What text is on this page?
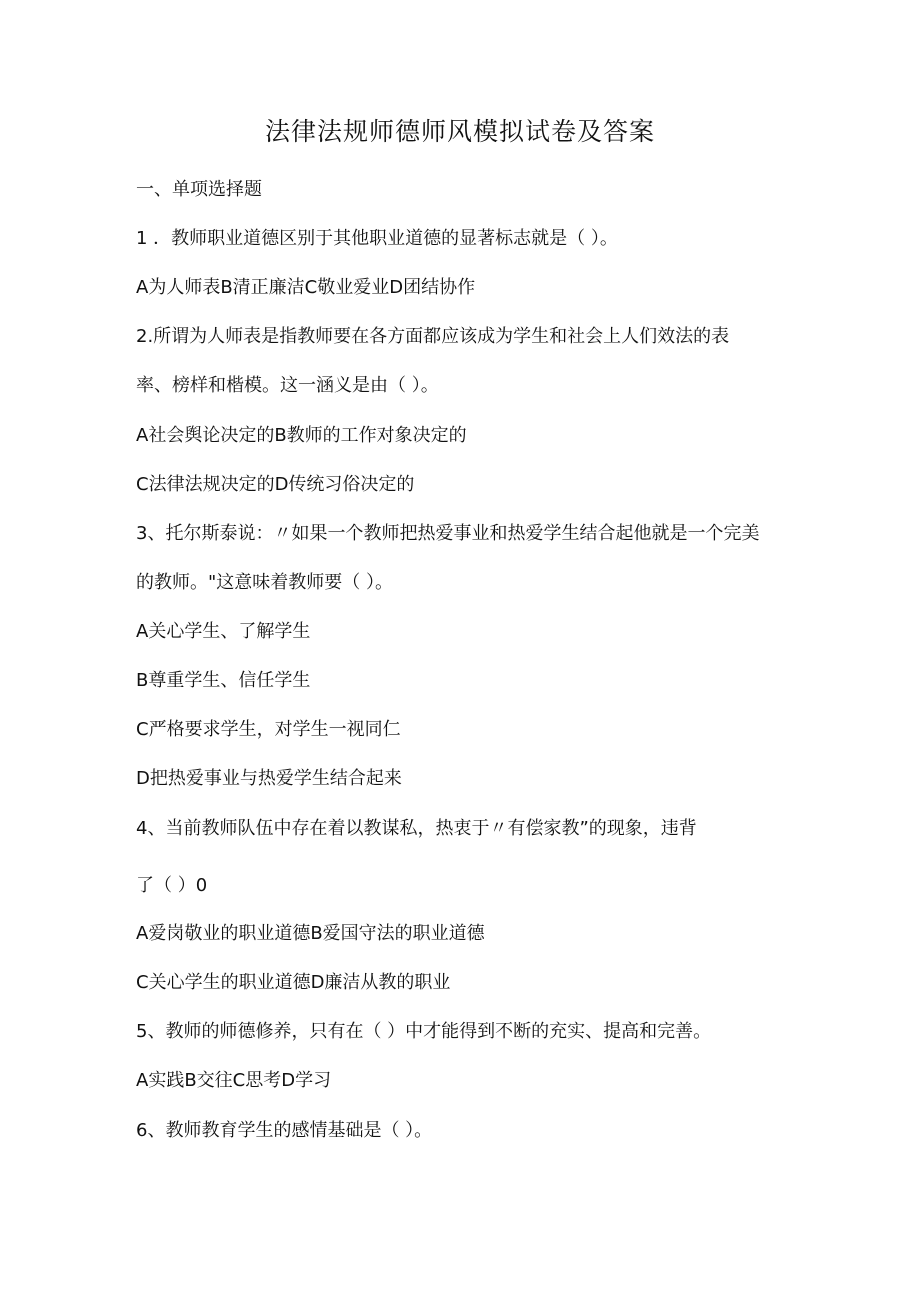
法律法规师德师风模拟试卷及答案
一、单项选择题
1 ．教师职业道德区别于其他职业道德的显著标志就是（ ）。
A为人师表B清正廉洁C敬业爱业D团结协作
2.所谓为人师表是指教师要在各方面都应该成为学生和社会上人们效法的表
率、榜样和楷模。这一涵义是由（ ）。
A社会舆论决定的B教师的工作对象决定的
C法律法规决定的D传统习俗决定的
3、托尔斯泰说：〃如果一个教师把热爱事业和热爱学生结合起他就是一个完美
的教师。"这意味着教师要（ ）。
A关心学生、了解学生
B尊重学生、信任学生
C严格要求学生，对学生一视同仁
D把热爱事业与热爱学生结合起来
4、当前教师队伍中存在着以教谋私，热衷于〃有偿家教”的现象，违背
了（ ）0
A爱岗敬业的职业道德B爱国守法的职业道德
C关心学生的职业道德D廉洁从教的职业
5、教师的师德修养，只有在（ ）中才能得到不断的充实、提高和完善。
A实践B交往C思考D学习
6、教师教育学生的感情基础是（ ）。
